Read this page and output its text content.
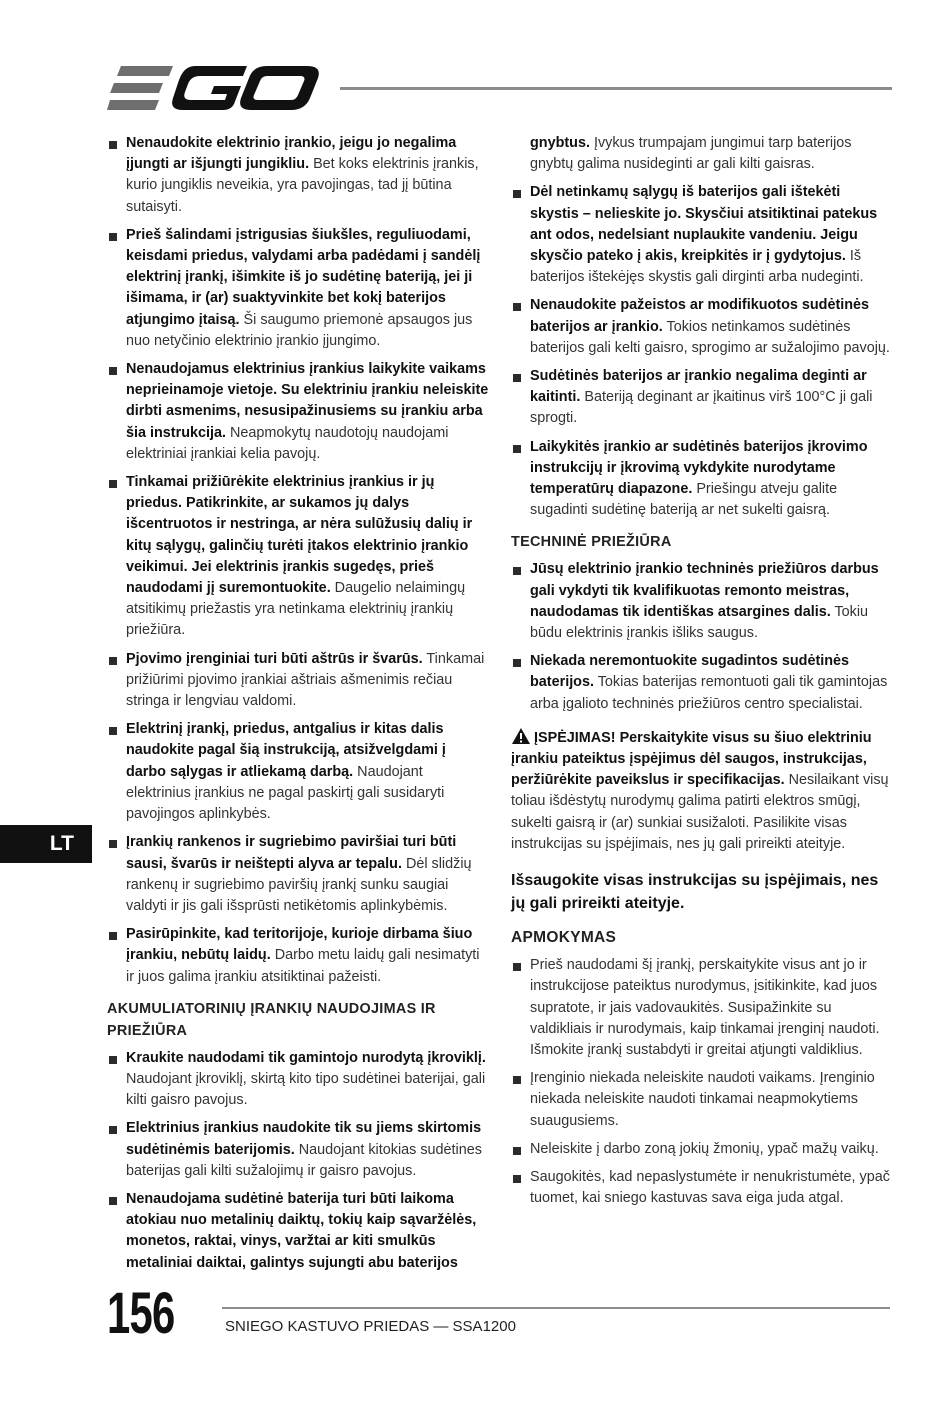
LT
Nenaudokite elektrinio įrankio, jeigu jo negalima įjungti ar išjungti jungikliu. Bet koks elektrinis įrankis, kurio jungiklis neveikia, yra pavojingas, tad jį būtina sutaisyti.
Prieš šalindami įstrigusias šiukšles, reguliuodami, keisdami priedus, valydami arba padėdami į sandėlį elektrinį įrankį, išimkite iš jo sudėtinę bateriją, jei ji išimama, ir (ar) suaktyvinkite bet kokį baterijos atjungimo įtaisą. Ši saugumo priemonė apsaugos jus nuo netyčinio elektrinio įrankio įjungimo.
Nenaudojamus elektrinius įrankius laikykite vaikams neprieinamoje vietoje. Su elektriniu įrankiu neleiskite dirbti asmenims, nesusipažinusiems su įrankiu arba šia instrukcija. Neapmokytų naudotojų naudojami elektriniai įrankiai kelia pavojų.
Tinkamai prižiūrėkite elektrinius įrankius ir jų priedus. Patikrinkite, ar sukamos jų dalys išcentruotos ir nestringa, ar nėra sulūžusių dalių ir kitų sąlygų, galinčių turėti įtakos elektrinio įrankio veikimui. Jei elektrinis įrankis sugedęs, prieš naudodami jį suremontuokite. Daugelio nelaimingų atsitikimų priežastis yra netinkama elektrinių įrankių priežiūra.
Pjovimo įrenginiai turi būti aštrūs ir švarūs. Tinkamai prižiūrimi pjovimo įrankiai aštriais ašmenimis rečiau stringa ir lengviau valdomi.
Elektrinį įrankį, priedus, antgalius ir kitas dalis naudokite pagal šią instrukciją, atsižvelgdami į darbo sąlygas ir atliekamą darbą. Naudojant elektrinius įrankius ne pagal paskirtį gali susidaryti pavojingos aplinkybės.
Įrankių rankenos ir sugriebimo paviršiai turi būti sausi, švarūs ir neištepti alyva ar tepalu. Dėl slidžių rankenų ir sugriebimo paviršių įrankį sunku saugiai valdyti ir jis gali išsprūsti netikėtomis aplinkybėmis.
Pasirūpinkite, kad teritorijoje, kurioje dirbama šiuo įrankiu, nebūtų laidų. Darbo metu laidų gali nesimatyti ir juos galima įrankiu atsitiktinai pažeisti.
AKUMULIATORINIŲ ĮRANKIŲ NAUDOJIMAS IR PRIEŽIŪRA
Kraukite naudodami tik gamintojo nurodytą įkroviklį. Naudojant įkroviklį, skirtą kito tipo sudėtinei baterijai, gali kilti gaisro pavojus.
Elektrinius įrankius naudokite tik su jiems skirtomis sudėtinėmis baterijomis. Naudojant kitokias sudėtines baterijas gali kilti sužalojimų ir gaisro pavojus.
Nenaudojama sudėtinė baterija turi būti laikoma atokiau nuo metalinių daiktų, tokių kaip sąvaržėlės, monetos, raktai, vinys, varžtai ar kiti smulkūs metaliniai daiktai, galintys sujungti abu baterijos
gnybtus. Įvykus trumpajam jungimui tarp baterijos gnybtų galima nusideginti ar gali kilti gaisras.
Dėl netinkamų sąlygų iš baterijos gali ištekėti skystis – nelieskite jo. Skysčiui atsitiktinai patekus ant odos, nedelsiant nuplaukite vandeniu. Jeigu skysčio pateko į akis, kreipkitės ir į gydytojus. Iš baterijos ištekėjęs skystis gali dirginti arba nudeginti.
Nenaudokite pažeistos ar modifikuotos sudėtinės baterijos ar įrankio. Tokios netinkamos sudėtinės baterijos gali kelti gaisro, sprogimo ar sužalojimo pavojų.
Sudėtinės baterijos ar įrankio negalima deginti ar kaitinti. Bateriją deginant ar įkaitinus virš 100°C ji gali sprogti.
Laikykitės įrankio ar sudėtinės baterijos įkrovimo instrukcijų ir įkrovimą vykdykite nurodytame temperatūrų diapazone. Priešingu atveju galite sugadinti sudėtinę bateriją ar net sukelti gaisrą.
TECHNINĖ PRIEŽIŪRA
Jūsų elektrinio įrankio techninės priežiūros darbus gali vykdyti tik kvalifikuotas remonto meistras, naudodamas tik identiškas atsargines dalis. Tokiu būdu elektrinis įrankis išliks saugus.
Niekada neremontuokite sugadintos sudėtinės baterijos. Tokias baterijas remontuoti gali tik gamintojas arba įgalioto techninės priežiūros centro specialistai.
ĮSPĖJIMAS! Perskaitykite visus su šiuo elektriniu įrankiu pateiktus įspėjimus dėl saugos, instrukcijas, peržiūrėkite paveikslus ir specifikacijas. Nesilaikant visų toliau išdėstytų nurodymų galima patirti elektros smūgį, sukelti gaisrą ir (ar) sunkiai susižaloti. Pasilikite visas instrukcijas su įspėjimais, nes jų gali prireikti ateityje.
Išsaugokite visas instrukcijas su įspėjimais, nes jų gali prireikti ateityje.
APMOKYMAS
Prieš naudodami šį įrankį, perskaitykite visus ant jo ir instrukcijose pateiktus nurodymus, įsitikinkite, kad juos supratote, ir jais vadovaukitės. Susipažinkite su valdikliais ir nurodymais, kaip tinkamai įrenginį naudoti. Išmokite įrankį sustabdyti ir greitai atjungti valdiklius.
Įrenginio niekada neleiskite naudoti vaikams. Įrenginio niekada neleiskite naudoti tinkamai neapmokytiems suaugusiems.
Neleiskite į darbo zoną jokių žmonių, ypač mažų vaikų.
Saugokitės, kad nepaslystumėte ir nenukristumėte, ypač tuomet, kai sniego kastuvas sava eiga juda atgal.
156	SNIEGO KASTUVO PRIEDAS — SSA1200
